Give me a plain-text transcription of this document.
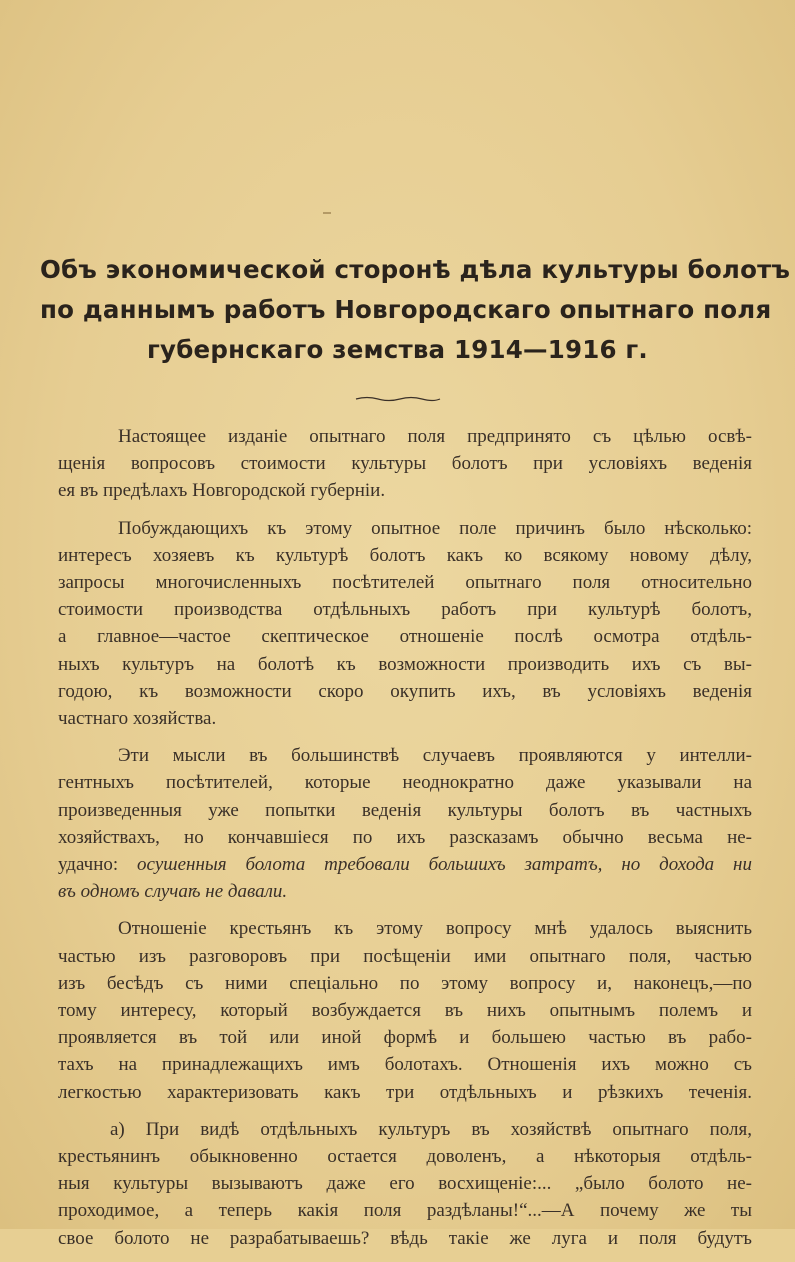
Объ экономической сторонѣ дѣла культуры болотъ
по даннымъ работъ Новгородскаго опытнаго поля
губернскаго земства 1914—1916 г.

Настоящее изданіе опытнаго поля предпринято съ цѣлью освѣ-
щенія вопросовъ стоимости культуры болотъ при условіяхъ веденія
ея въ предѣлахъ Новгородской губерніи.

Побуждающихъ къ этому опытное поле причинъ было нѣсколько:
интересъ хозяевъ къ культурѣ болотъ какъ ко всякому новому дѣлу,
запросы многочисленныхъ посѣтителей опытнаго поля относительно
стоимости производства отдѣльныхъ работъ при культурѣ болотъ,
а главное—частое скептическое отношеніе послѣ осмотра отдѣль-
ныхъ культуръ на болотѣ къ возможности производить ихъ съ вы-
годою, къ возможности скоро окупить ихъ, въ условіяхъ веденія
частнаго хозяйства.

Эти мысли въ большинствѣ случаевъ проявляются у интелли-
гентныхъ посѣтителей, которые неоднократно даже указывали на
произведенныя уже попытки веденія культуры болотъ въ частныхъ
хозяйствахъ, но кончавшіеся по ихъ разсказамъ обычно весьма не-
удачно: осушенныя болота требовали большихъ затратъ, но дохода ни
въ одномъ случаѣ не давали.

Отношеніе крестьянъ къ этому вопросу мнѣ удалось выяснить
частью изъ разговоровъ при посѣщеніи ими опытнаго поля, частью
изъ бесѣдъ съ ними спеціально по этому вопросу и, наконецъ,—по
тому интересу, который возбуждается въ нихъ опытнымъ полемъ и
проявляется въ той или иной формѣ и большею частью въ рабо-
тахъ на принадлежащихъ имъ болотахъ. Отношенія ихъ можно съ
легкостью характеризовать какъ три отдѣльныхъ и рѣзкихъ теченія.

а) При видѣ отдѣльныхъ культуръ въ хозяйствѣ опытнаго поля,
крестьянинъ обыкновенно остается доволенъ, а нѣкоторыя отдѣль-
ныя культуры вызываютъ даже его восхищеніе:... „было болото не-
проходимое, а теперь какія поля раздѣланы!“...—А почему же ты
свое болото не разрабатываешь? вѣдь такіе же луга и поля будутъ
